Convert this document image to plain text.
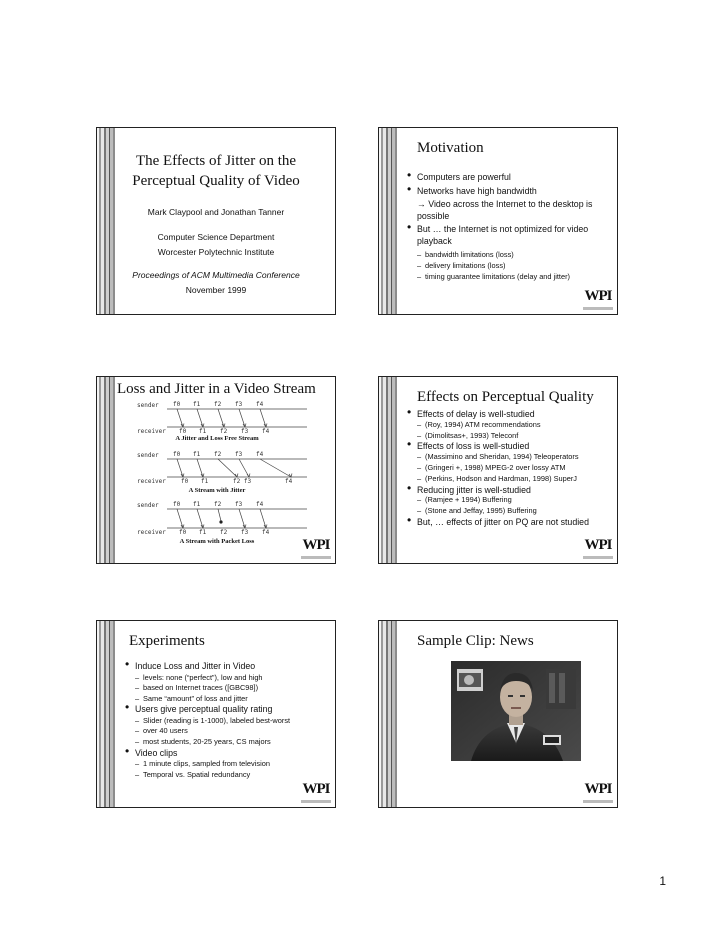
The Effects of Jitter on the
Perceptual Quality of Video
Mark Claypool and Jonathan Tanner
Computer Science Department
Worcester Polytechnic Institute
Proceedings of ACM Multimedia Conference
November 1999
Motivation
• Computers are powerful
• Networks have high bandwidth
→ Video across the Internet to the desktop is possible
• But … the Internet is not optimized for video playback
– bandwidth limitations (loss)
– delivery limitations (loss)
– timing guarantee limitations (delay and jitter)
WPI
Loss and Jitter in a Video Stream
sender f0 f1 f2 f3 f4
receiver f0 f1 f2 f3 f4
A Jitter and Loss Free Stream
sender f0 f1 f2 f3 f4
receiver	f0 f1	f2 f3	f4
A Stream with Jitter
sender f0 f1 f2 f3 f4
receiver f0 f1 f2 f3 f4
A Stream with Packet Loss	WPI
Effects on Perceptual Quality
• Effects of delay is well-studied
– (Roy, 1994) ATM recommendations
– (Dimolitsas+, 1993) Teleconf
• Effects of loss is well-studied
– (Massimino and Sheridan, 1994) Teleoperators
– (Gringeri +, 1998) MPEG-2 over lossy ATM
– (Perkins, Hodson and Hardman, 1998) SuperJ
• Reducing jitter is well-studied
– (Ramjee + 1994) Buffering
– (Stone and Jeffay, 1995) Buffering
• But, … effects of jitter on PQ are not studied
WPI
Experiments
• Induce Loss and Jitter in Video
– levels: none (“perfect”), low and high
– based on Internet traces ([GBC98])
– Same “amount” of loss and jitter
• Users give perceptual quality rating
– Slider (reading is 1-1000), labeled best-worst
– over 40 users
– most students, 20-25 years, CS majors
• Video clips
– 1 minute clips, sampled from television
– Temporal vs. Spatial redundancy
WPI
Sample Clip: News
WPI
1
